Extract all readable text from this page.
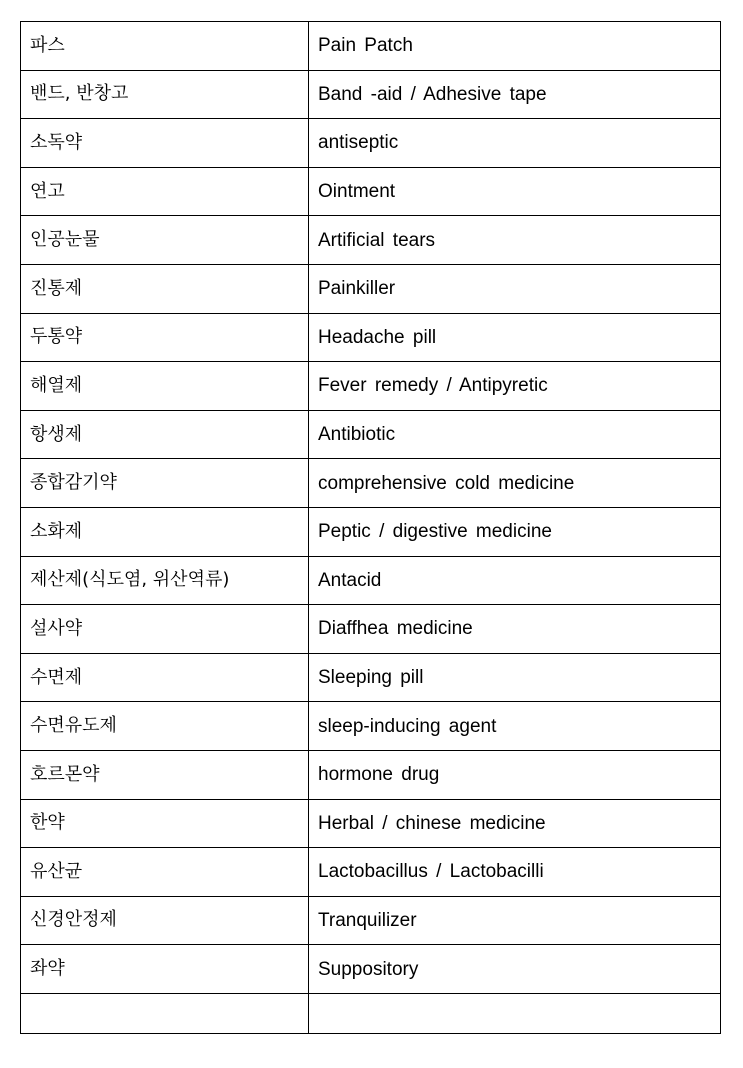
파스	Pain Patch
밴드, 반창고	Band -aid / Adhesive tape
소독약	antiseptic
연고	Ointment
인공눈물	Artificial tears
진통제	Painkiller
두통약	Headache pill
해열제	Fever remedy / Antipyretic
항생제	Antibiotic
종합감기약	comprehensive cold medicine
소화제	Peptic / digestive medicine
제산제(식도염, 위산역류)	Antacid
설사약	Diaffhea medicine
수면제	Sleeping pill
수면유도제	sleep-inducing agent
호르몬약	hormone drug
한약	Herbal / chinese medicine
유산균	Lactobacillus / Lactobacilli
신경안정제	Tranquilizer
좌약	Suppository
